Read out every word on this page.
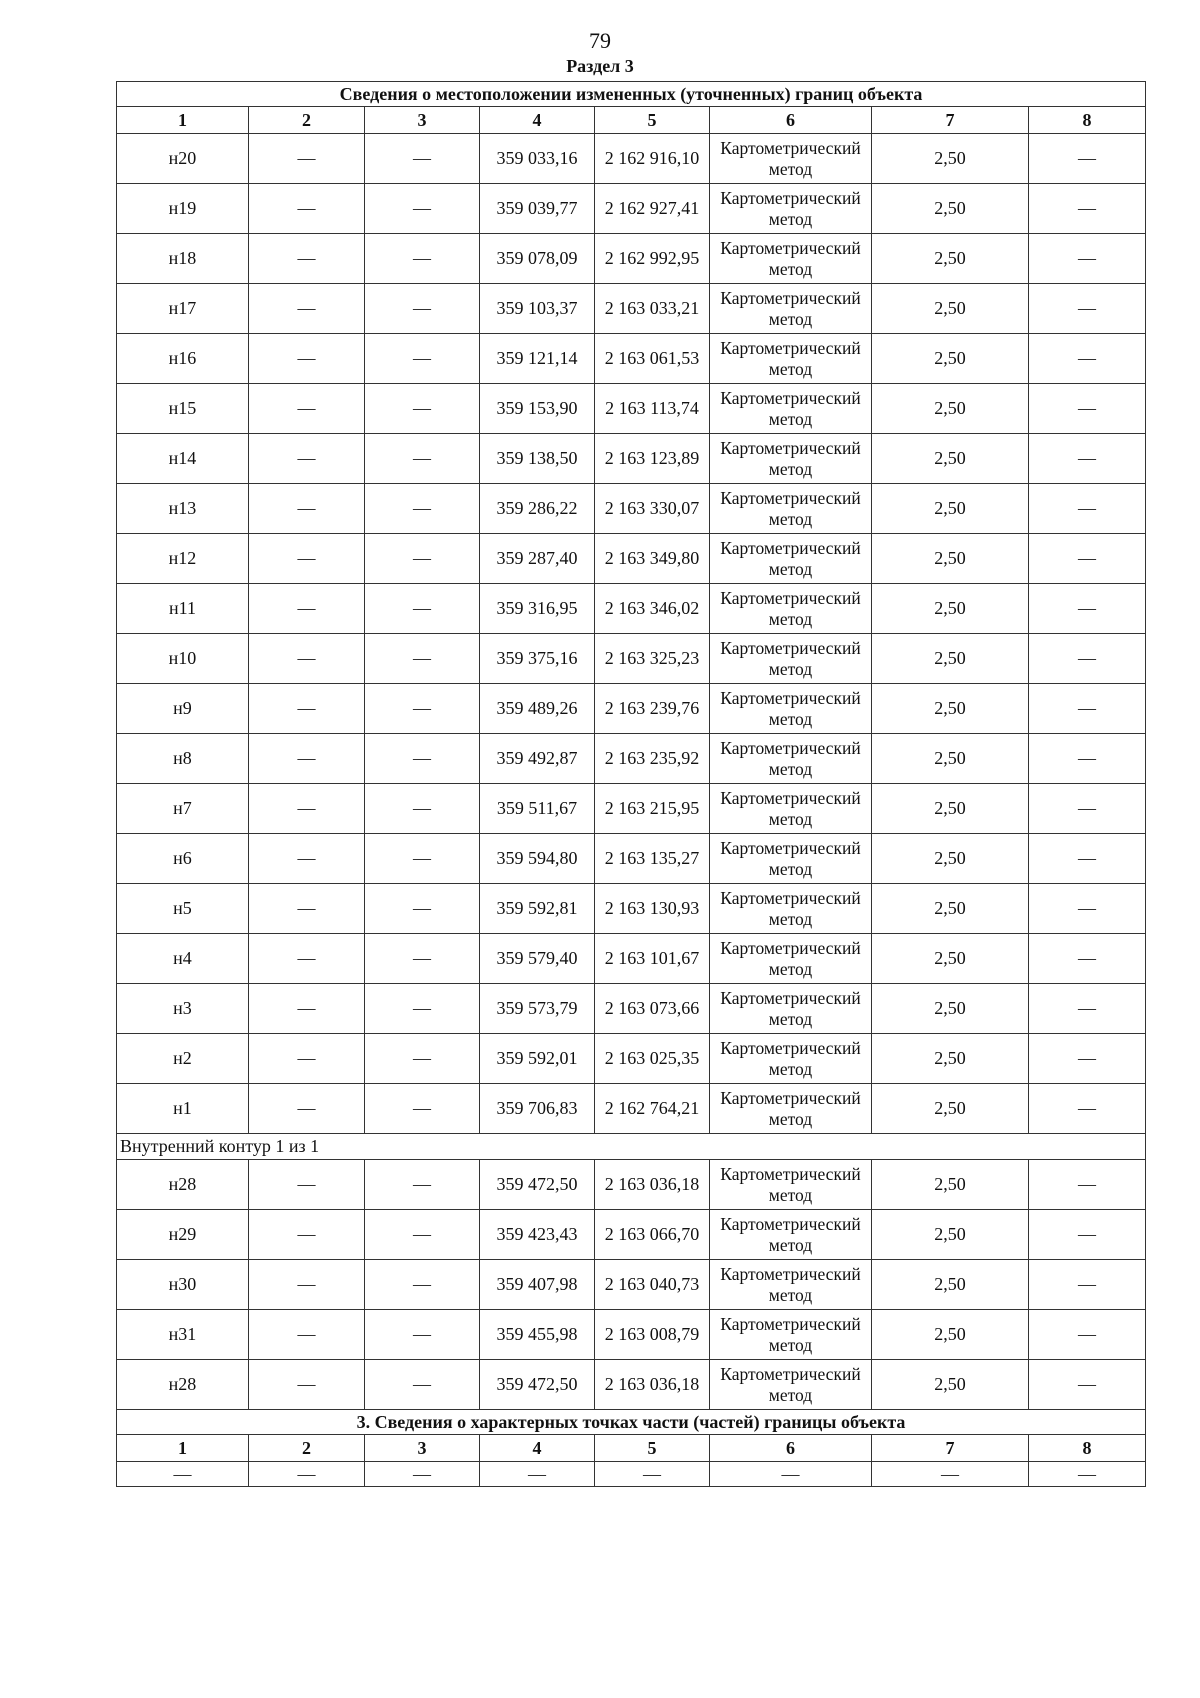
79
Раздел 3
Сведения о местоположении измененных (уточненных) границ объекта							
1	2	3	4	5	6	7	8
н20	—	—	359 033,16	2 162 916,10	Картометрический метод	2,50	—
н19	—	—	359 039,77	2 162 927,41	Картометрический метод	2,50	—
н18	—	—	359 078,09	2 162 992,95	Картометрический метод	2,50	—
н17	—	—	359 103,37	2 163 033,21	Картометрический метод	2,50	—
н16	—	—	359 121,14	2 163 061,53	Картометрический метод	2,50	—
н15	—	—	359 153,90	2 163 113,74	Картометрический метод	2,50	—
н14	—	—	359 138,50	2 163 123,89	Картометрический метод	2,50	—
н13	—	—	359 286,22	2 163 330,07	Картометрический метод	2,50	—
н12	—	—	359 287,40	2 163 349,80	Картометрический метод	2,50	—
н11	—	—	359 316,95	2 163 346,02	Картометрический метод	2,50	—
н10	—	—	359 375,16	2 163 325,23	Картометрический метод	2,50	—
н9	—	—	359 489,26	2 163 239,76	Картометрический метод	2,50	—
н8	—	—	359 492,87	2 163 235,92	Картометрический метод	2,50	—
н7	—	—	359 511,67	2 163 215,95	Картометрический метод	2,50	—
н6	—	—	359 594,80	2 163 135,27	Картометрический метод	2,50	—
н5	—	—	359 592,81	2 163 130,93	Картометрический метод	2,50	—
н4	—	—	359 579,40	2 163 101,67	Картометрический метод	2,50	—
н3	—	—	359 573,79	2 163 073,66	Картометрический метод	2,50	—
н2	—	—	359 592,01	2 163 025,35	Картометрический метод	2,50	—
н1	—	—	359 706,83	2 162 764,21	Картометрический метод	2,50	—
Внутренний контур 1 из 1							
н28	—	—	359 472,50	2 163 036,18	Картометрический метод	2,50	—
н29	—	—	359 423,43	2 163 066,70	Картометрический метод	2,50	—
н30	—	—	359 407,98	2 163 040,73	Картометрический метод	2,50	—
н31	—	—	359 455,98	2 163 008,79	Картометрический метод	2,50	—
н28	—	—	359 472,50	2 163 036,18	Картометрический метод	2,50	—
3. Сведения о характерных точках части (частей) границы объекта							
1	2	3	4	5	6	7	8
—	—	—	—	—	—	—	—
